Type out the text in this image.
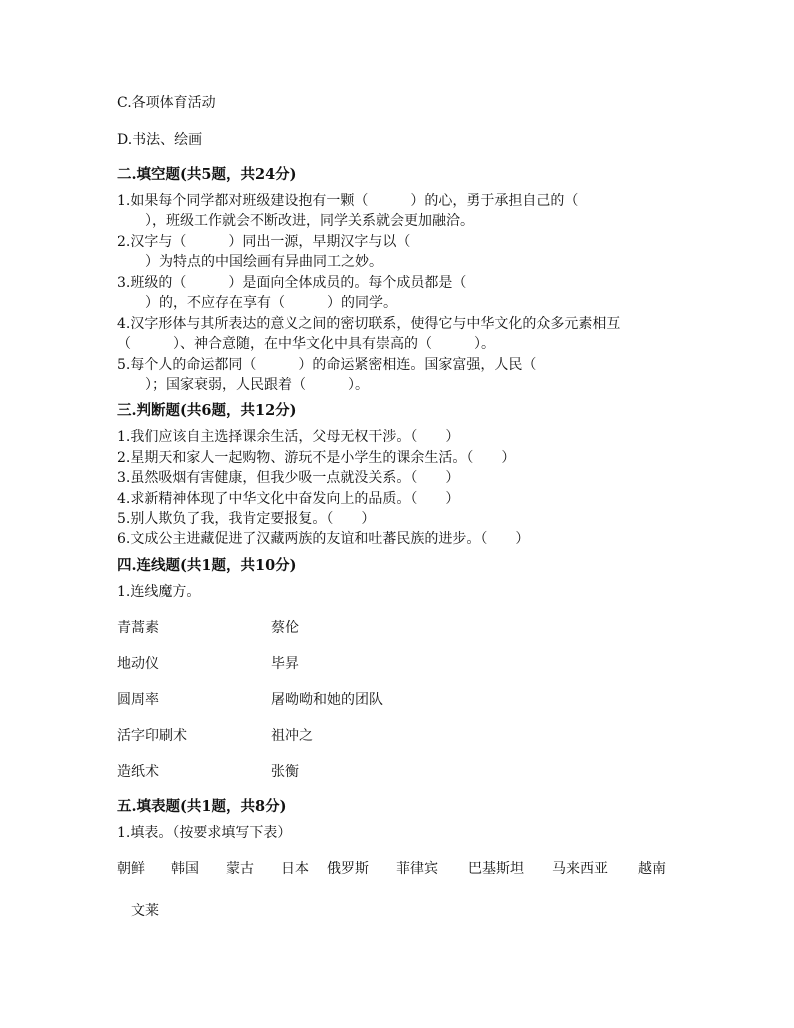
C.各项体育活动
D.书法、绘画
二.填空题(共5题，共24分)
1.如果每个同学都对班级建设抱有一颗（　　　）的心，勇于承担自己的（
　　），班级工作就会不断改进，同学关系就会更加融洽。
2.汉字与（　　　）同出一源，早期汉字与以（
　　）为特点的中国绘画有异曲同工之妙。
3.班级的（　　　）是面向全体成员的。每个成员都是（
　　）的，不应存在享有（　　　）的同学。
4.汉字形体与其所表达的意义之间的密切联系，使得它与中华文化的众多元素相互
（　　　）、神合意随，在中华文化中具有崇高的（　　　）。
5.每个人的命运都同（　　　）的命运紧密相连。国家富强，人民（
　　）；国家衰弱，人民跟着（　　　）。
三.判断题(共6题，共12分)
1.我们应该自主选择课余生活，父母无权干涉。（　　）
2.星期天和家人一起购物、游玩不是小学生的课余生活。（　　）
3.虽然吸烟有害健康，但我少吸一点就没关系。（　　）
4.求新精神体现了中华文化中奋发向上的品质。（　　）
5.别人欺负了我，我肯定要报复。（　　）
6.文成公主进藏促进了汉藏两族的友谊和吐蕃民族的进步。（　　）
四.连线题(共1题，共10分)
1.连线魔方。
青蒿素	蔡伦
地动仪	毕昇
圆周率	屠呦呦和她的团队
活字印刷术	祖冲之
造纸术	张衡
五.填表题(共1题，共8分)
1.填表。（按要求填写下表）
朝鲜 韩国 蒙古 日本 俄罗斯 菲律宾 巴基斯坦 马来西亚 越南
文莱
